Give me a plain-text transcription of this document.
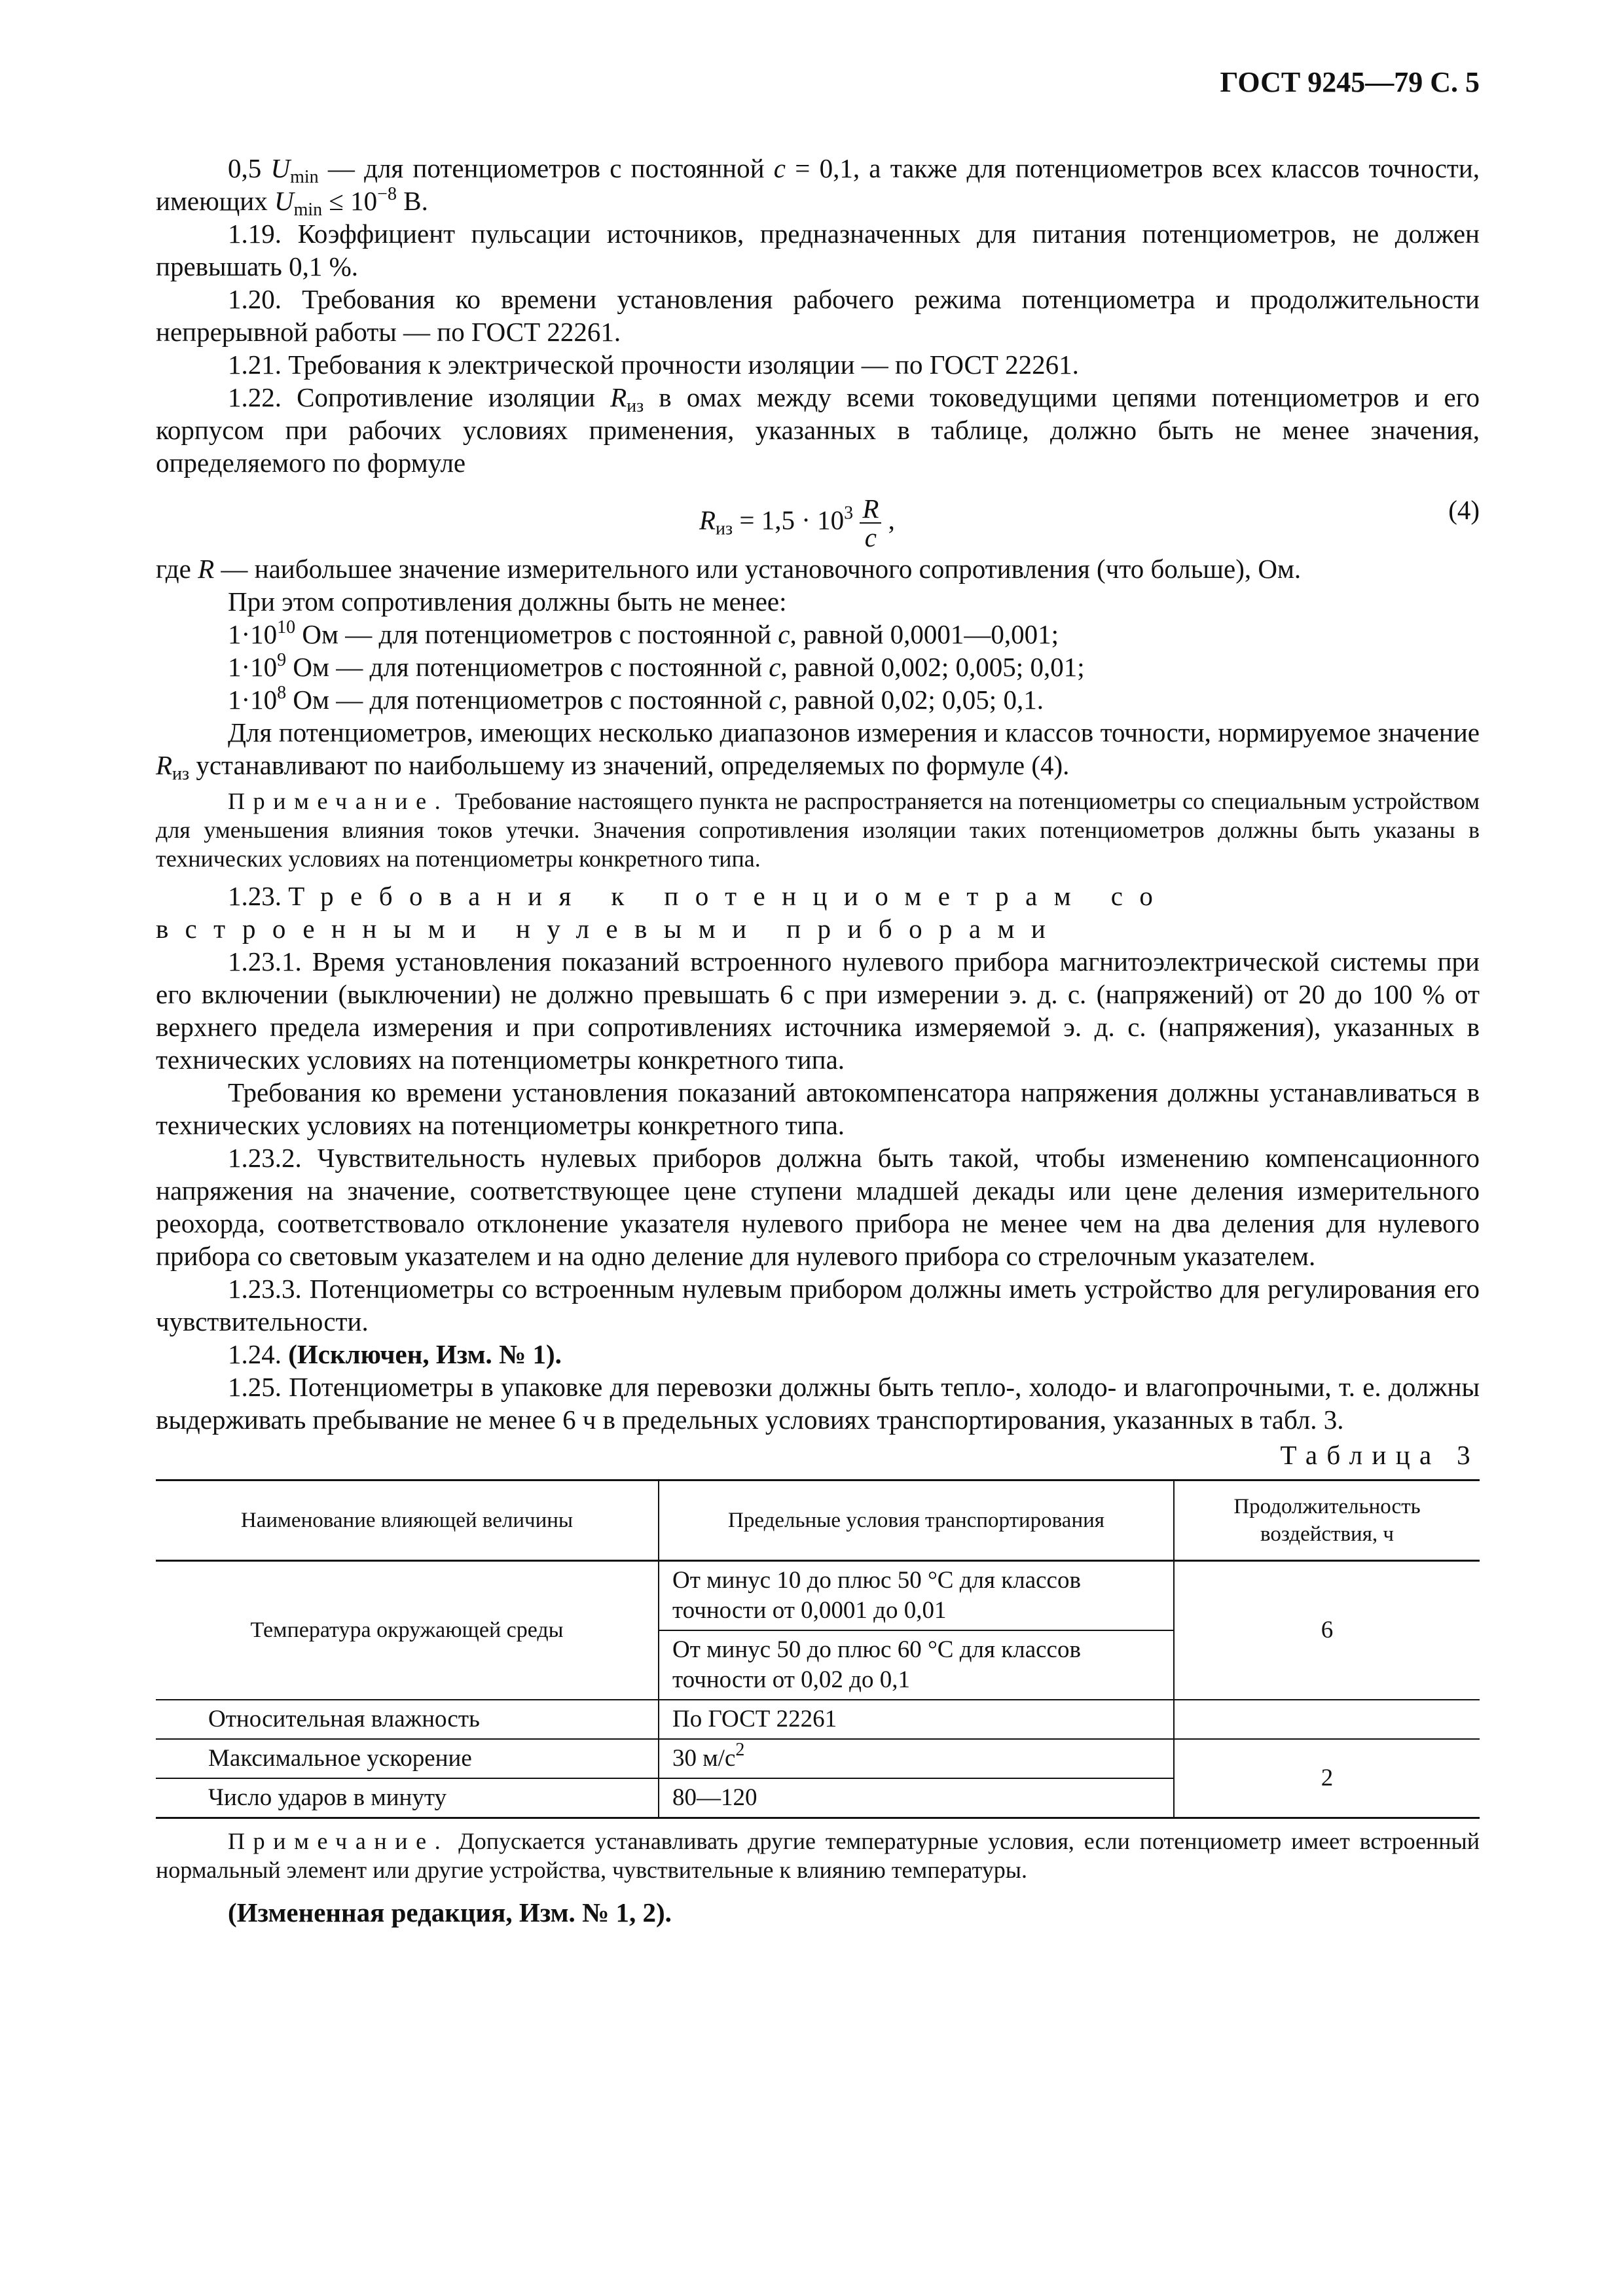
ГОСТ 9245—79 С. 5

0,5 $U_{min}$ — для потенциометров с постоянной c = 0,1, а также для потенциометров всех классов точности, имеющих $U_{min} \le 10^{-8}$ В.

1.19. Коэффициент пульсации источников, предназначенных для питания потенциометров, не должен превышать 0,1 %.

1.20. Требования ко времени установления рабочего режима потенциометра и продолжительности непрерывной работы — по ГОСТ 22261.

1.21. Требования к электрической прочности изоляции — по ГОСТ 22261.

1.22. Сопротивление изоляции $R_{из}$ в омах между всеми токоведущими цепями потенциометров и его корпусом при рабочих условиях применения, указанных в таблице, должно быть не менее значения, определяемого по формуле

$R_{из} = 1,5 \cdot 10^3 \frac{R}{c}$ ,	(4)

где R — наибольшее значение измерительного или установочного сопротивления (что больше), Ом.

При этом сопротивления должны быть не менее:

$1\cdot 10^{10}$ Ом — для потенциометров с постоянной с, равной 0,0001—0,001;

$1\cdot 10^9$ Ом — для потенциометров с постоянной с, равной 0,002; 0,005; 0,01;

$1\cdot 10^8$ Ом — для потенциометров с постоянной с, равной 0,02; 0,05; 0,1.

Для потенциометров, имеющих несколько диапазонов измерения и классов точности, нормируемое значение $R_{из}$ устанавливают по наибольшему из значений, определяемых по формуле (4).

Примечание. Требование настоящего пункта не распространяется на потенциометры со специальным устройством для уменьшения влияния токов утечки. Значения сопротивления изоляции таких потенциометров должны быть указаны в технических условиях на потенциометры конкретного типа.

1.23. Требования к потенциометрам со встроенными нулевыми приборами

1.23.1. Время установления показаний встроенного нулевого прибора магнитоэлектрической системы при его включении (выключении) не должно превышать 6 с при измерении э. д. с. (напряжений) от 20 до 100 % от верхнего предела измерения и при сопротивлениях источника измеряемой э. д. с. (напряжения), указанных в технических условиях на потенциометры конкретного типа.

Требования ко времени установления показаний автокомпенсатора напряжения должны устанавливаться в технических условиях на потенциометры конкретного типа.

1.23.2. Чувствительность нулевых приборов должна быть такой, чтобы изменению компенсационного напряжения на значение, соответствующее цене ступени младшей декады или цене деления измерительного реохорда, соответствовало отклонение указателя нулевого прибора не менее чем на два деления для нулевого прибора со световым указателем и на одно деление для нулевого прибора со стрелочным указателем.

1.23.3. Потенциометры со встроенным нулевым прибором должны иметь устройство для регулирования его чувствительности.

1.24. (Исключен, Изм. № 1).

1.25. Потенциометры в упаковке для перевозки должны быть тепло-, холодо- и влагопрочными, т. е. должны выдерживать пребывание не менее 6 ч в предельных условиях транспортирования, указанных в табл. 3.

Таблица 3
Наименование влияющей величины	Предельные условия транспортирования	Продолжительность воздействия, ч
Температура окружающей среды	От минус 10 до плюс 50 °С для классов точности от 0,0001 до 0,01	6
	От минус 50 до плюс 60 °С для классов точности от 0,02 до 0,1	
Относительная влажность	По ГОСТ 22261	
Максимальное ускорение	30 $м/с^2$	2
Число ударов в минуту	80—120	

Примечание. Допускается устанавливать другие температурные условия, если потенциометр имеет встроенный нормальный элемент или другие устройства, чувствительные к влиянию температуры.

(Измененная редакция, Изм. № 1, 2).
